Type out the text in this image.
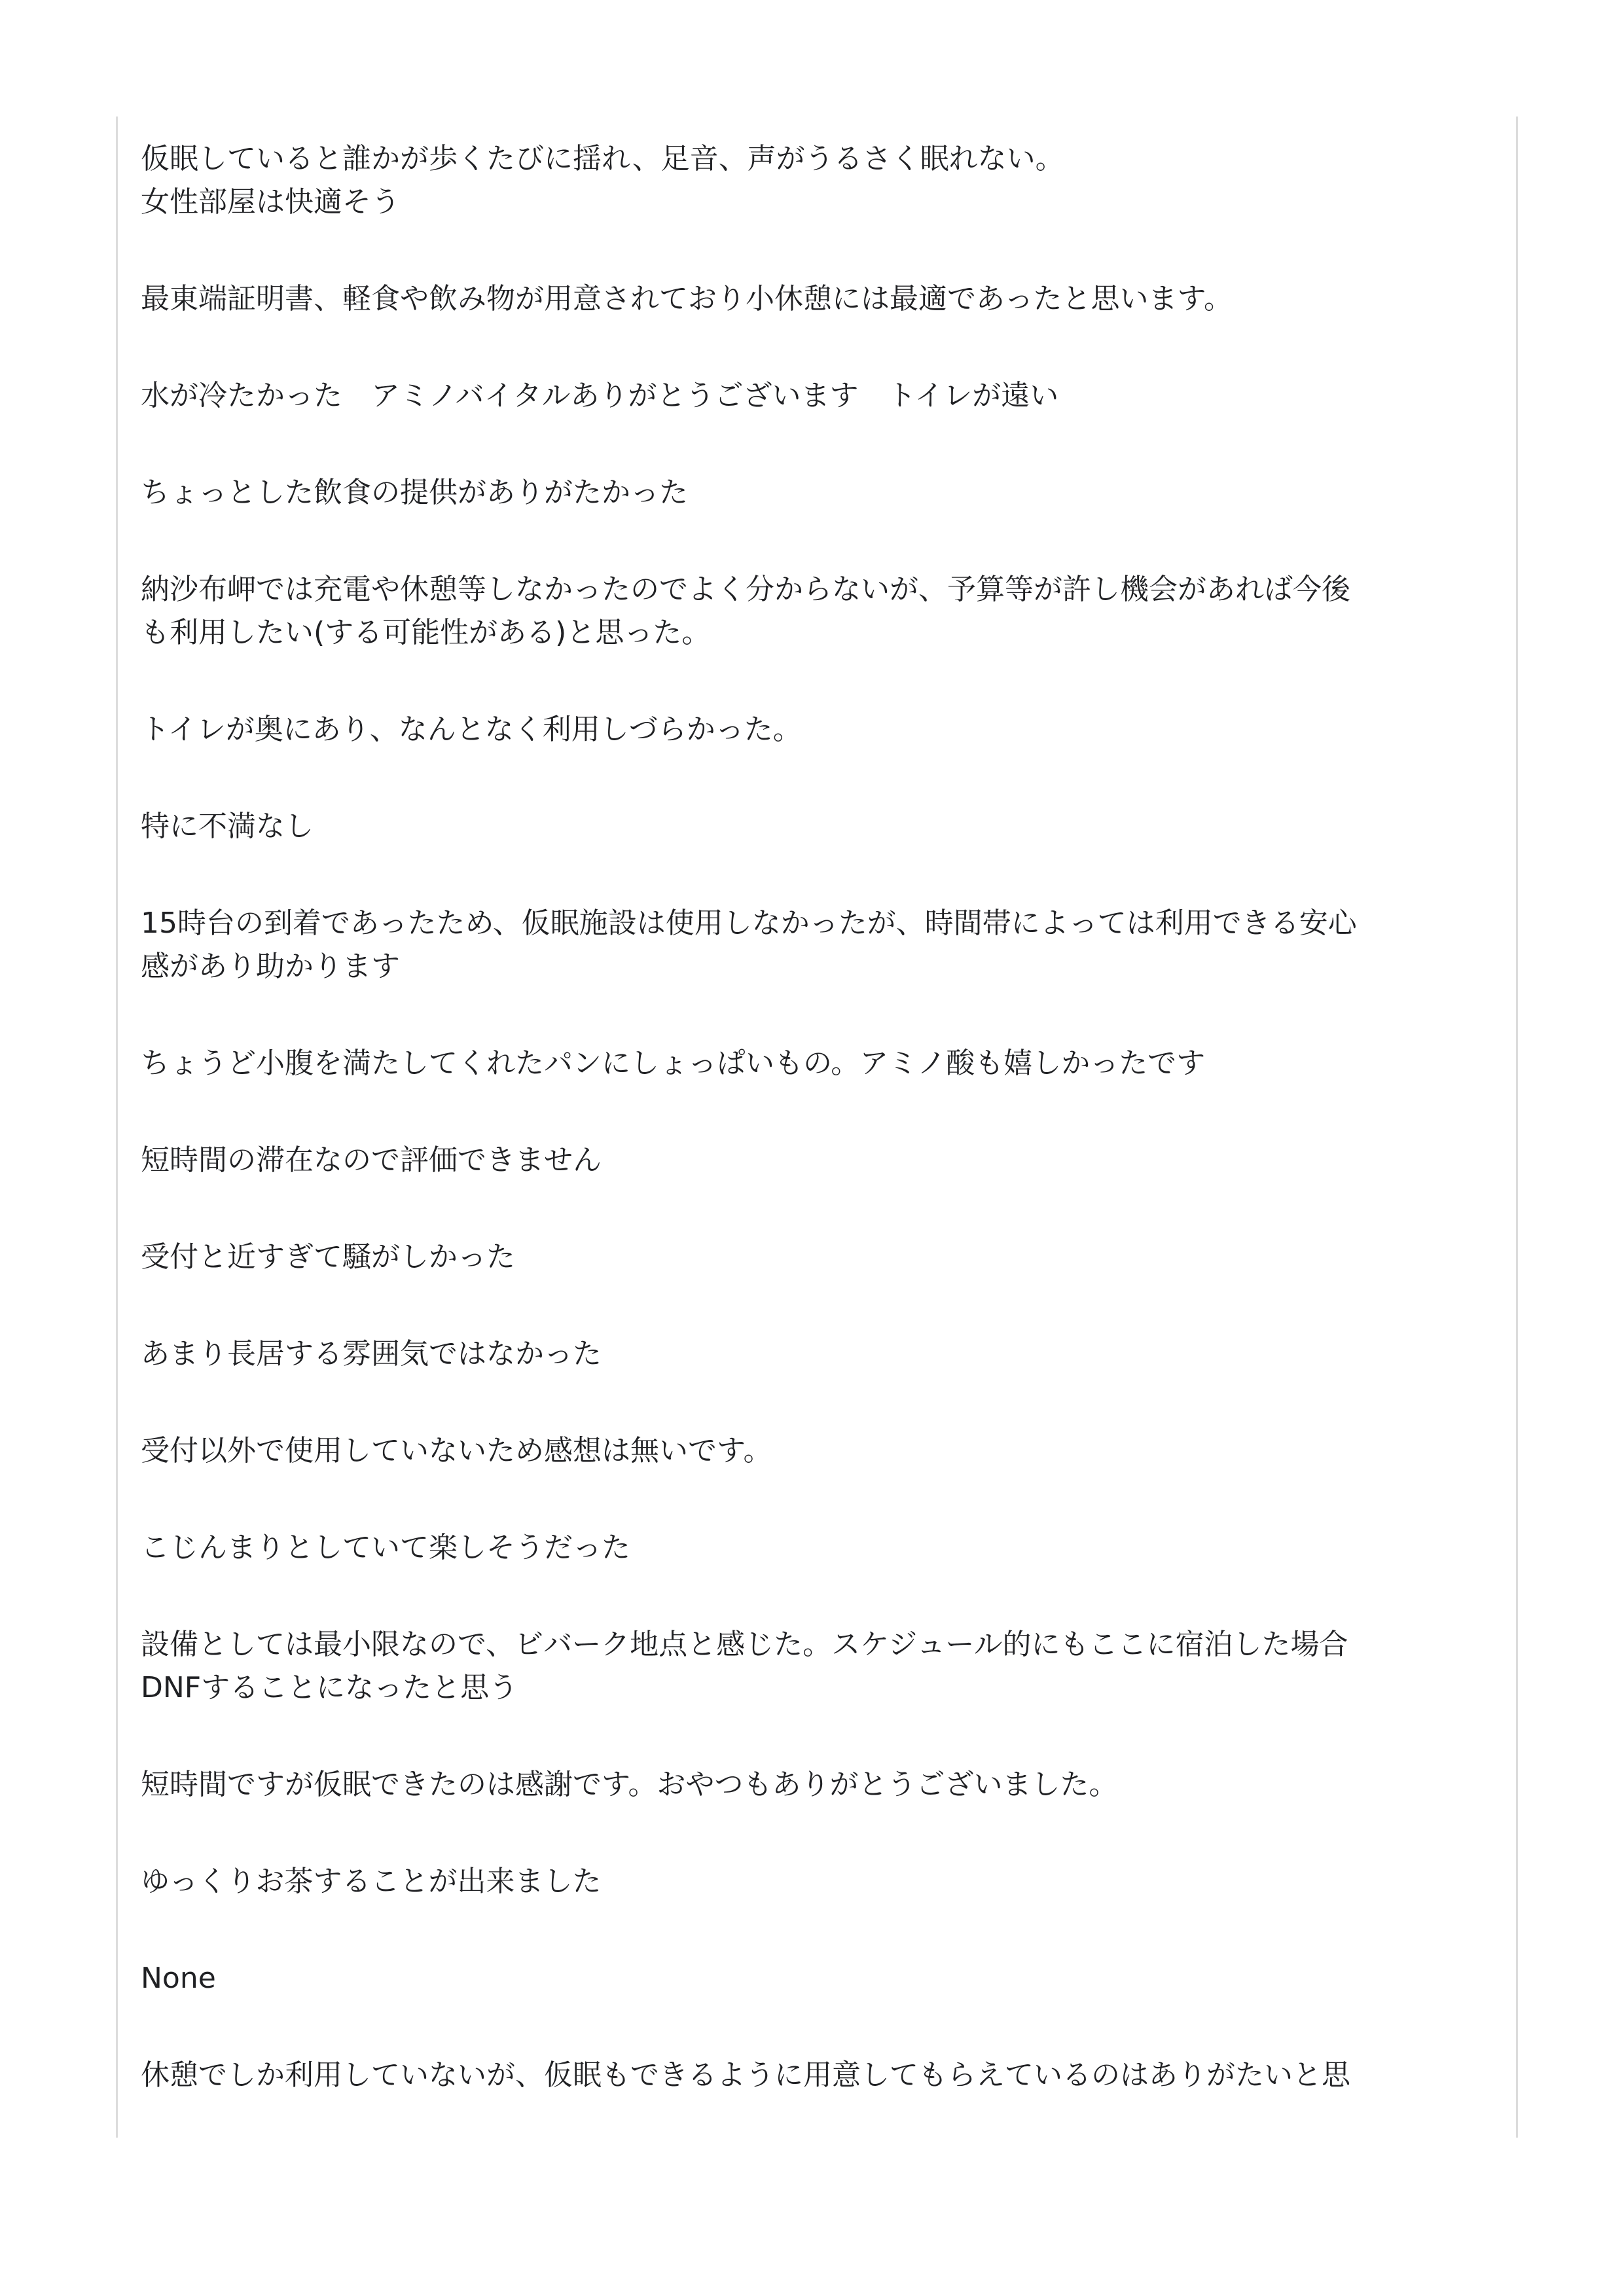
仮眠していると誰かが歩くたびに揺れ、足音、声がうるさく眠れない。
女性部屋は快適そう
最東端証明書、軽食や飲み物が用意されており小休憩には最適であったと思います。
水が冷たかった　アミノバイタルありがとうございます　トイレが遠い
ちょっとした飲食の提供がありがたかった
納沙布岬では充電や休憩等しなかったのでよく分からないが、予算等が許し機会があれば今後
も利用したい(する可能性がある)と思った。
トイレが奥にあり、なんとなく利用しづらかった。
特に不満なし
15時台の到着であったため、仮眠施設は使用しなかったが、時間帯によっては利用できる安心
感があり助かります
ちょうど小腹を満たしてくれたパンにしょっぱいもの。アミノ酸も嬉しかったです
短時間の滞在なので評価できません
受付と近すぎて騒がしかった
あまり長居する雰囲気ではなかった
受付以外で使用していないため感想は無いです。
こじんまりとしていて楽しそうだった
設備としては最小限なので、ビバーク地点と感じた。スケジュール的にもここに宿泊した場合
DNFすることになったと思う
短時間ですが仮眠できたのは感謝です。おやつもありがとうございました。
ゆっくりお茶することが出来ました
None
休憩でしか利用していないが、仮眠もできるように用意してもらえているのはありがたいと思
